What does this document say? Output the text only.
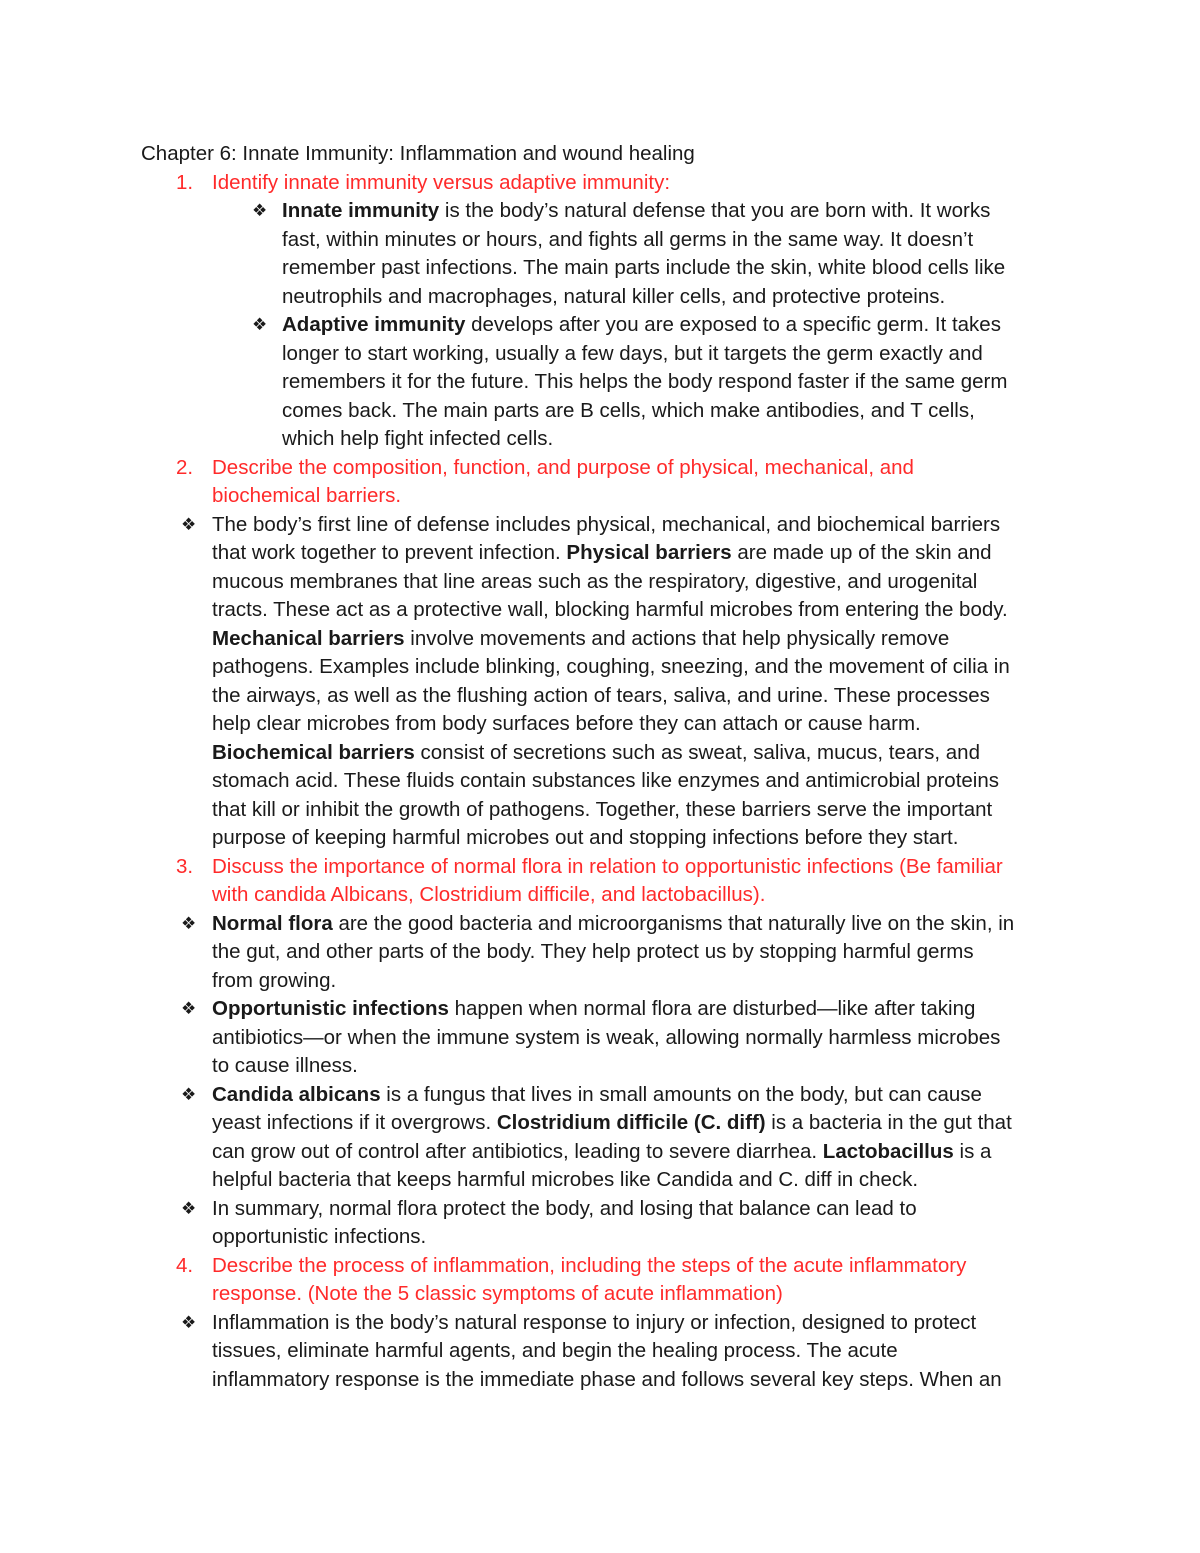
Chapter 6: Innate Immunity: Inflammation and wound healing
1. Identify innate immunity versus adaptive immunity:
❖ Innate immunity is the body’s natural defense that you are born with. It works
fast, within minutes or hours, and fights all germs in the same way. It doesn’t
remember past infections. The main parts include the skin, white blood cells like
neutrophils and macrophages, natural killer cells, and protective proteins.
❖ Adaptive immunity develops after you are exposed to a specific germ. It takes
longer to start working, usually a few days, but it targets the germ exactly and
remembers it for the future. This helps the body respond faster if the same germ
comes back. The main parts are B cells, which make antibodies, and T cells,
which help fight infected cells.
2. Describe the composition, function, and purpose of physical, mechanical, and
biochemical barriers.
❖ The body’s first line of defense includes physical, mechanical, and biochemical barriers
that work together to prevent infection. Physical barriers are made up of the skin and
mucous membranes that line areas such as the respiratory, digestive, and urogenital
tracts. These act as a protective wall, blocking harmful microbes from entering the body.
Mechanical barriers involve movements and actions that help physically remove
pathogens. Examples include blinking, coughing, sneezing, and the movement of cilia in
the airways, as well as the flushing action of tears, saliva, and urine. These processes
help clear microbes from body surfaces before they can attach or cause harm.
Biochemical barriers consist of secretions such as sweat, saliva, mucus, tears, and
stomach acid. These fluids contain substances like enzymes and antimicrobial proteins
that kill or inhibit the growth of pathogens. Together, these barriers serve the important
purpose of keeping harmful microbes out and stopping infections before they start.
3. Discuss the importance of normal flora in relation to opportunistic infections (Be familiar
with candida Albicans, Clostridium difficile, and lactobacillus).
❖ Normal flora are the good bacteria and microorganisms that naturally live on the skin, in
the gut, and other parts of the body. They help protect us by stopping harmful germs
from growing.
❖ Opportunistic infections happen when normal flora are disturbed—like after taking
antibiotics—or when the immune system is weak, allowing normally harmless microbes
to cause illness.
❖ Candida albicans is a fungus that lives in small amounts on the body, but can cause
yeast infections if it overgrows. Clostridium difficile (C. diff) is a bacteria in the gut that
can grow out of control after antibiotics, leading to severe diarrhea. Lactobacillus is a
helpful bacteria that keeps harmful microbes like Candida and C. diff in check.
❖ In summary, normal flora protect the body, and losing that balance can lead to
opportunistic infections.
4. Describe the process of inflammation, including the steps of the acute inflammatory
response. (Note the 5 classic symptoms of acute inflammation)
❖ Inflammation is the body’s natural response to injury or infection, designed to protect
tissues, eliminate harmful agents, and begin the healing process. The acute
inflammatory response is the immediate phase and follows several key steps. When an
